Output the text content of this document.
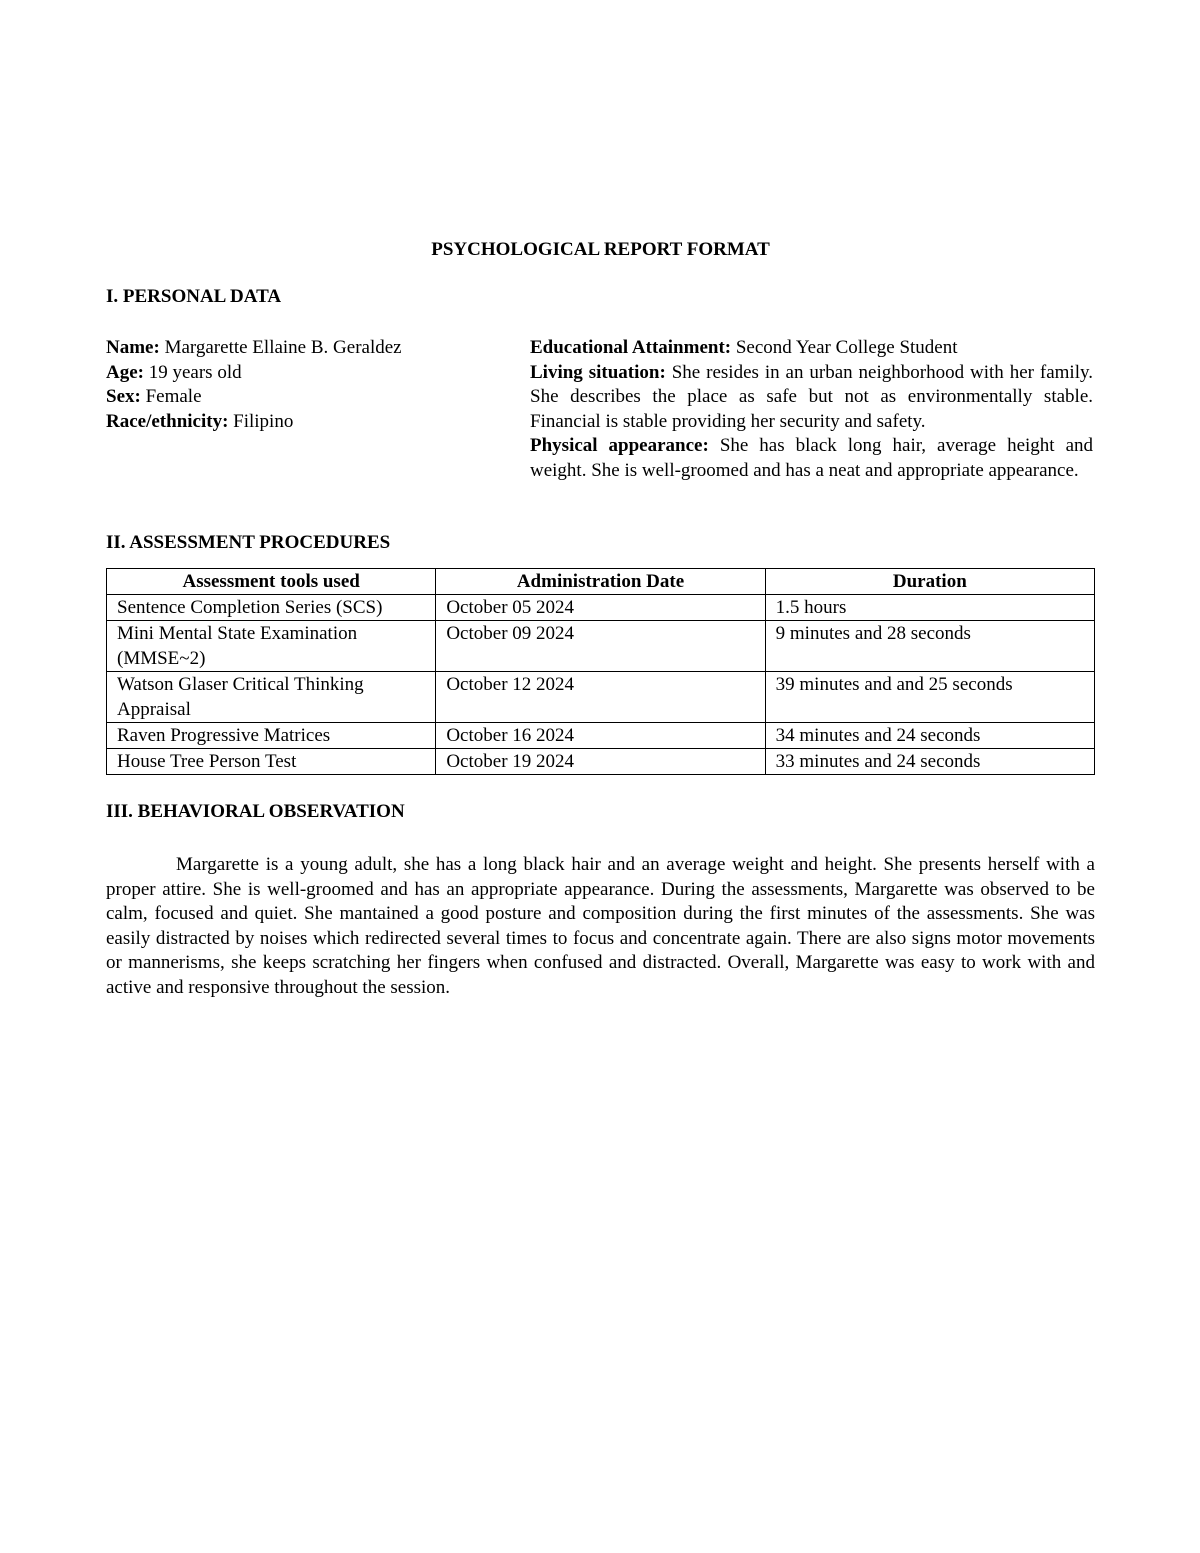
PSYCHOLOGICAL REPORT FORMAT

I. PERSONAL DATA

Name: Margarette Ellaine B. Geraldez

Age: 19 years old

Sex: Female

Race/ethnicity: Filipino

Educational Attainment: Second Year College Student

Living situation: She resides in an urban neighborhood with her family. She describes the place as safe but not as environmentally stable. Financial is stable providing her security and safety.

Physical appearance: She has black long hair, average height and weight. She is well-groomed and has a neat and appropriate appearance.

II. ASSESSMENT PROCEDURES

Assessment tools used	Administration Date	Duration
Sentence Completion Series (SCS)	October 05 2024	1.5 hours
Mini Mental State Examination (MMSE~2)	October 09 2024	9 minutes and 28 seconds
Watson Glaser Critical Thinking Appraisal	October 12 2024	39 minutes and and 25 seconds
Raven Progressive Matrices	October 16 2024	34 minutes and 24 seconds
House Tree Person Test	October 19 2024	33 minutes and 24 seconds

III. BEHAVIORAL OBSERVATION

Margarette is a young adult, she has a long black hair and an average weight and height. She presents herself with a proper attire. She is well-groomed and has an appropriate appearance. During the assessments, Margarette was observed to be calm, focused and quiet. She mantained a good posture and composition during the first minutes of the assessments. She was easily distracted by noises which redirected several times to focus and concentrate again. There are also signs motor movements or mannerisms, she keeps scratching her fingers when confused and distracted. Overall, Margarette was easy to work with and active and responsive throughout the session.
